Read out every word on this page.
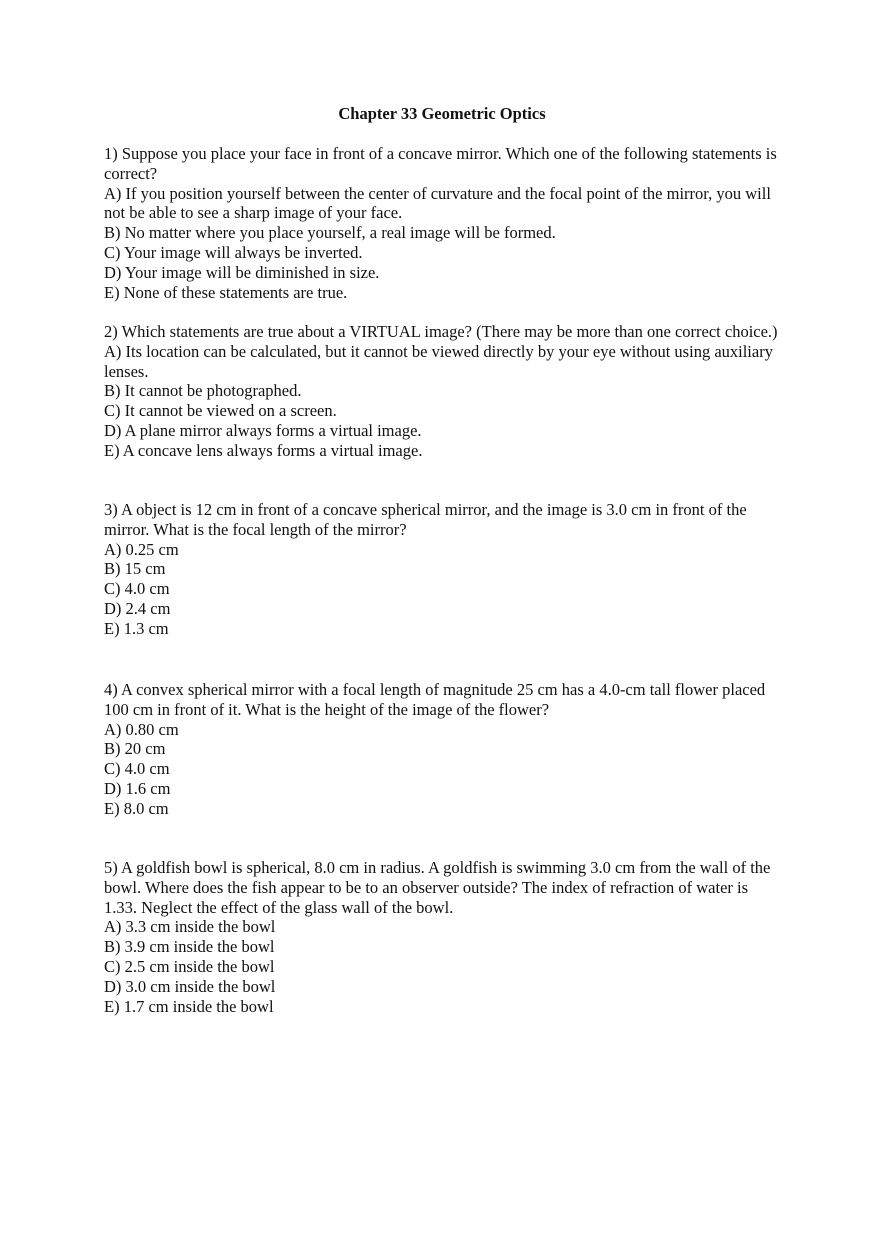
Chapter 33 Geometric Optics

1) Suppose you place your face in front of a concave mirror. Which one of the following statements is correct?

A) If you position yourself between the center of curvature and the focal point of the mirror, you will not be able to see a sharp image of your face.
B) No matter where you place yourself, a real image will be formed.
C) Your image will always be inverted.
D) Your image will be diminished in size.
E) None of these statements are true.

2) Which statements are true about a VIRTUAL image? (There may be more than one correct choice.)

A) Its location can be calculated, but it cannot be viewed directly by your eye without using auxiliary lenses.
B) It cannot be photographed.
C) It cannot be viewed on a screen.
D) A plane mirror always forms a virtual image.
E) A concave lens always forms a virtual image.

3) A object is 12 cm in front of a concave spherical mirror, and the image is 3.0 cm in front of the mirror. What is the focal length of the mirror?

A) 0.25 cm
B) 15 cm
C) 4.0 cm
D) 2.4 cm
E) 1.3 cm

4) A convex spherical mirror with a focal length of magnitude 25 cm has a 4.0-cm tall flower placed 100 cm in front of it. What is the height of the image of the flower?

A) 0.80 cm
B) 20 cm
C) 4.0 cm
D) 1.6 cm
E) 8.0 cm

5) A goldfish bowl is spherical, 8.0 cm in radius. A goldfish is swimming 3.0 cm from the wall of the bowl. Where does the fish appear to be to an observer outside? The index of refraction of water is 1.33. Neglect the effect of the glass wall of the bowl.

A) 3.3 cm inside the bowl
B) 3.9 cm inside the bowl
C) 2.5 cm inside the bowl
D) 3.0 cm inside the bowl
E) 1.7 cm inside the bowl
